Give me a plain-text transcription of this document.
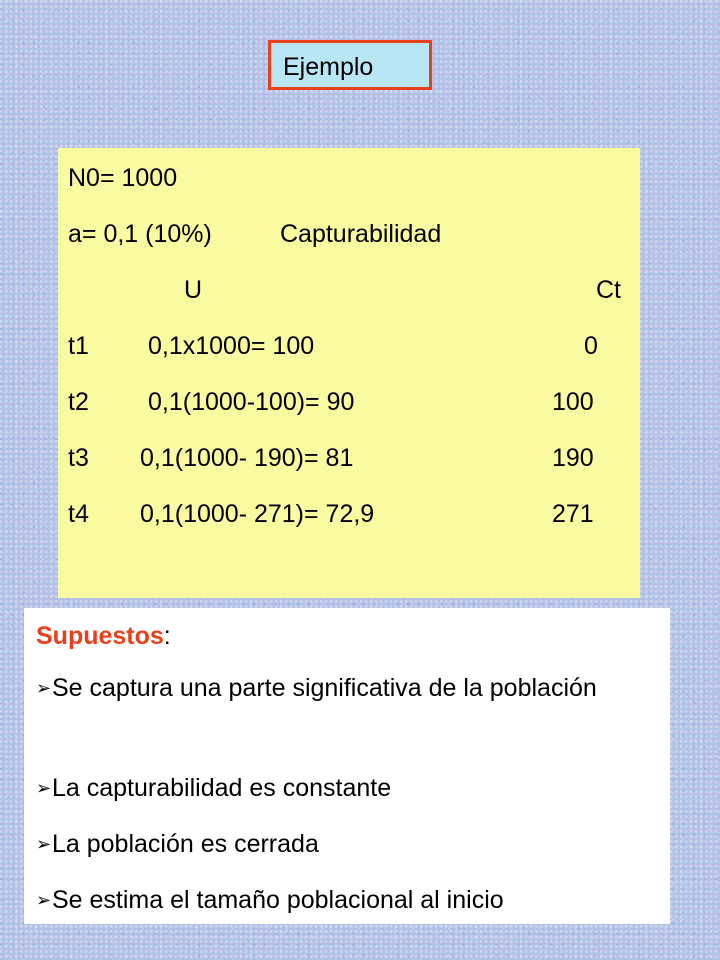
Ejemplo
N0= 1000
a= 0,1 (10%)	Capturabilidad
U	Ct
t1 0,1x1000= 100	0
t2 0,1(1000-100)= 90	100
t3 0,1(1000- 190)= 81	190
t4 0,1(1000- 271)= 72,9	271
Supuestos:
➢Se captura una parte significativa de la población
➢La capturabilidad es constante
➢La población es cerrada
➢Se estima el tamaño poblacional al inicio
